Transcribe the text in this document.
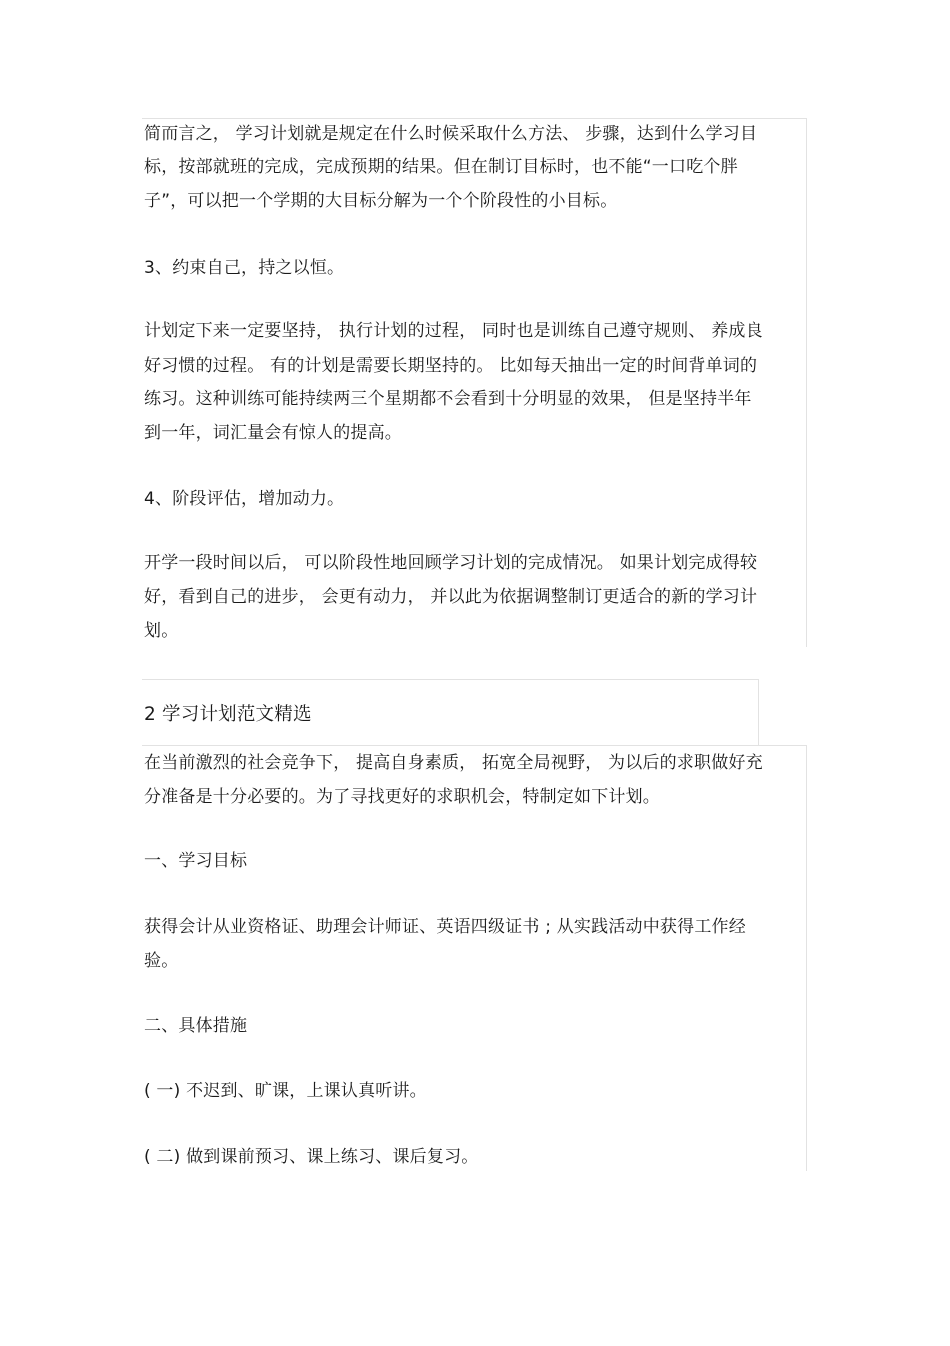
简而言之， 学习计划就是规定在什么时候采取什么方法、 步骤，达到什么学习目
标，按部就班的完成，完成预期的结果。但在制订目标时，也不能“一口吃个胖
子”，可以把一个学期的大目标分解为一个个阶段性的小目标。
3、约束自己，持之以恒。
计划定下来一定要坚持， 执行计划的过程， 同时也是训练自己遵守规则、 养成良
好习惯的过程。 有的计划是需要长期坚持的。 比如每天抽出一定的时间背单词的
练习。这种训练可能持续两三个星期都不会看到十分明显的效果， 但是坚持半年
到一年，词汇量会有惊人的提高。
4、阶段评估，增加动力。
开学一段时间以后， 可以阶段性地回顾学习计划的完成情况。 如果计划完成得较
好，看到自己的进步， 会更有动力， 并以此为依据调整制订更适合的新的学习计
划。
2 学习计划范文精选
在当前激烈的社会竞争下， 提高自身素质， 拓宽全局视野， 为以后的求职做好充
分准备是十分必要的。为了寻找更好的求职机会，特制定如下计划。
一、学习目标
获得会计从业资格证、助理会计师证、英语四级证书 ; 从实践活动中获得工作经
验。
二、具体措施
( 一) 不迟到、旷课，上课认真听讲。
( 二) 做到课前预习、课上练习、课后复习。
